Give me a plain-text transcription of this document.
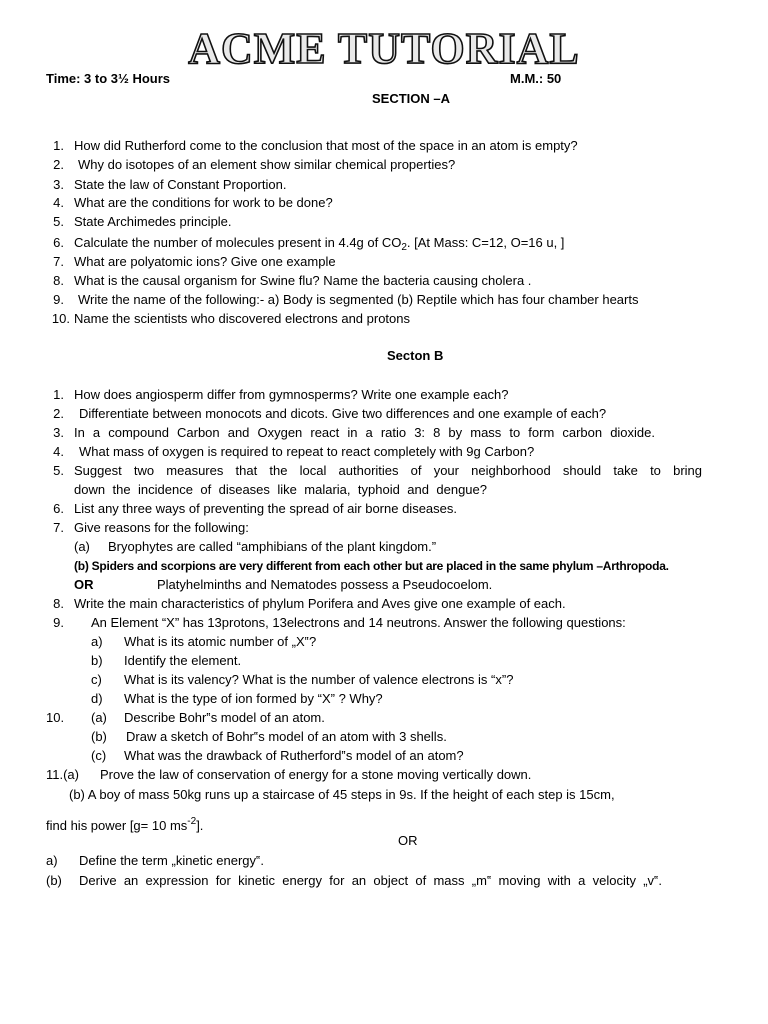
ACME TUTORIAL
Time: 3 to 3½ Hours	M.M.: 50
SECTION –A
1. How did Rutherford come to the conclusion that most of the space in an atom is empty?
2. Why do isotopes of an element show similar chemical properties?
3. State the law of Constant Proportion.
4. What are the conditions for work to be done?
5. State Archimedes principle.
6. Calculate the number of molecules present in 4.4g of $CO_2$. [At Mass: C=12, O=16 u, ]
7. What are polyatomic ions? Give one example
8. What is the causal organism for Swine flu? Name the bacteria causing cholera .
9. Write the name of the following:- a) Body is segmented (b) Reptile which has four chamber hearts
10. Name the scientists who discovered electrons and protons
Secton B
1. How does angiosperm differ from gymnosperms? Write one example each?
2. Differentiate between monocots and dicots. Give two differences and one example of each?
3. In a compound Carbon and Oxygen react in a ratio 3: 8 by mass to form carbon dioxide.
4. What mass of oxygen is required to repeat to react completely with 9g Carbon?
5. Suggest two measures that the local authorities of your neighborhood should take to bring
down the incidence of diseases like malaria, typhoid and dengue?
6. List any three ways of preventing the spread of air borne diseases.
7. Give reasons for the following:
(a) Bryophytes are called “amphibians of the plant kingdom.”
(b) Spiders and scorpions are very different from each other but are placed in the same phylum –Arthropoda.
OR	Platyhelminths and Nematodes possess a Pseudocoelom.
8. Write the main characteristics of phylum Porifera and Aves give one example of each.
9. An Element “X” has 13protons, 13electrons and 14 neutrons. Answer the following questions:
a) What is its atomic number of „X‟?
b) Identify the element.
c) What is its valency? What is the number of valence electrons is “x”?
d) What is the type of ion formed by “X” ? Why?
10. (a) Describe Bohr‟s model of an atom.
(b) Draw a sketch of Bohr‟s model of an atom with 3 shells.
(c) What was the drawback of Rutherford‟s model of an atom?
11.(a) Prove the law of conservation of energy for a stone moving vertically down.
(b) A boy of mass 50kg runs up a staircase of 45 steps in 9s. If the height of each step is 15cm,
find his power [g= 10 $ms^{-2}$].
OR
a) Define the term „kinetic energy‟.
(b) Derive an expression for kinetic energy for an object of mass „m‟ moving with a velocity „v‟.
